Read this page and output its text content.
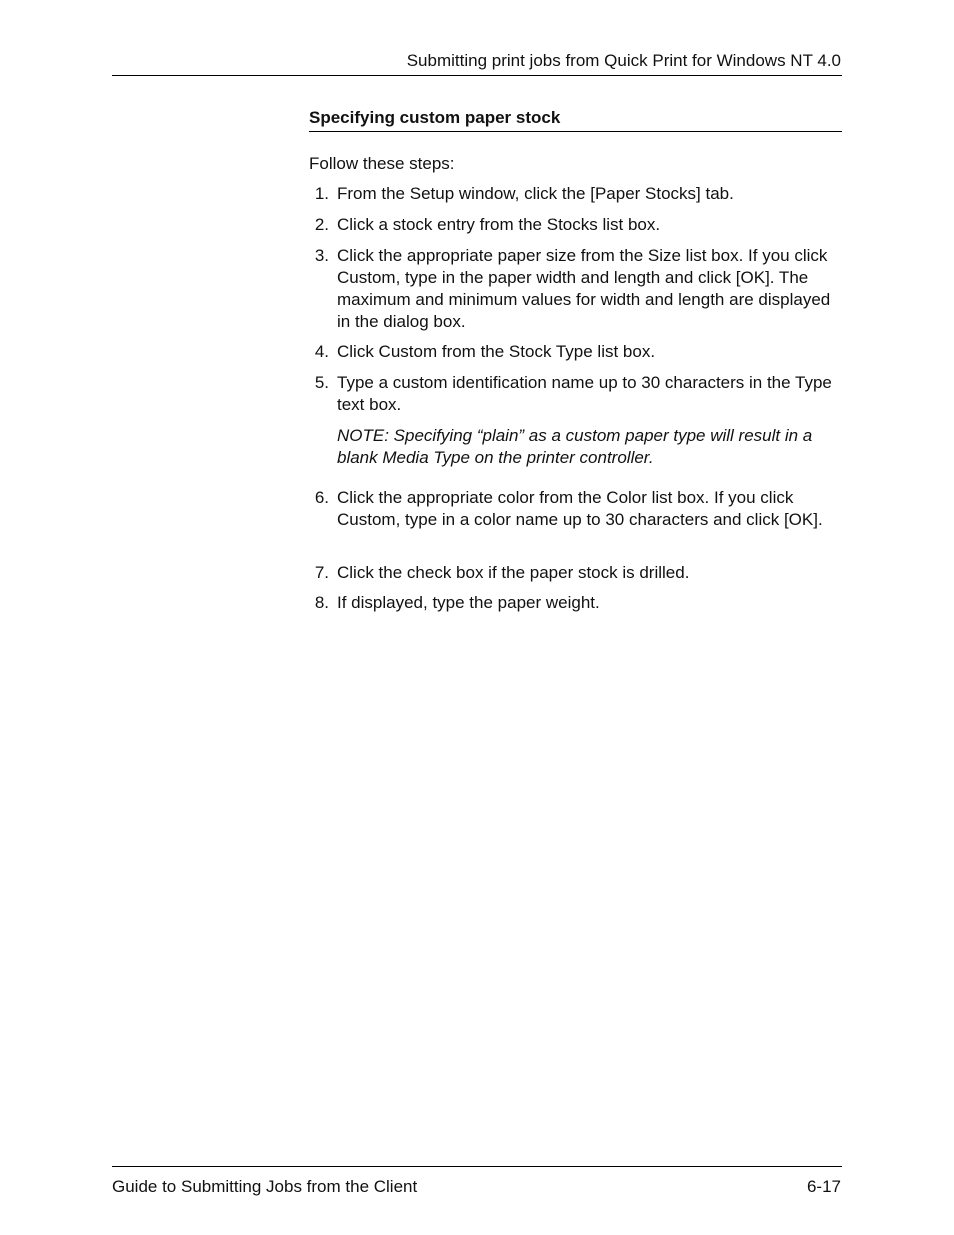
Submitting print jobs from Quick Print for Windows NT 4.0
Specifying custom paper stock
Follow these steps:
1. From the Setup window, click the [Paper Stocks] tab.
2. Click a stock entry from the Stocks list box.
3. Click the appropriate paper size from the Size list box. If you click Custom, type in the paper width and length and click [OK]. The maximum and minimum values for width and length are displayed in the dialog box.
4. Click Custom from the Stock Type list box.
5. Type a custom identification name up to 30 characters in the Type text box.
NOTE: Specifying “plain” as a custom paper type will result in a blank Media Type on the printer controller.
6. Click the appropriate color from the Color list box. If you click Custom, type in a color name up to 30 characters and click [OK].
7. Click the check box if the paper stock is drilled.
8. If displayed, type the paper weight.
Guide to Submitting Jobs from the Client	6-17
